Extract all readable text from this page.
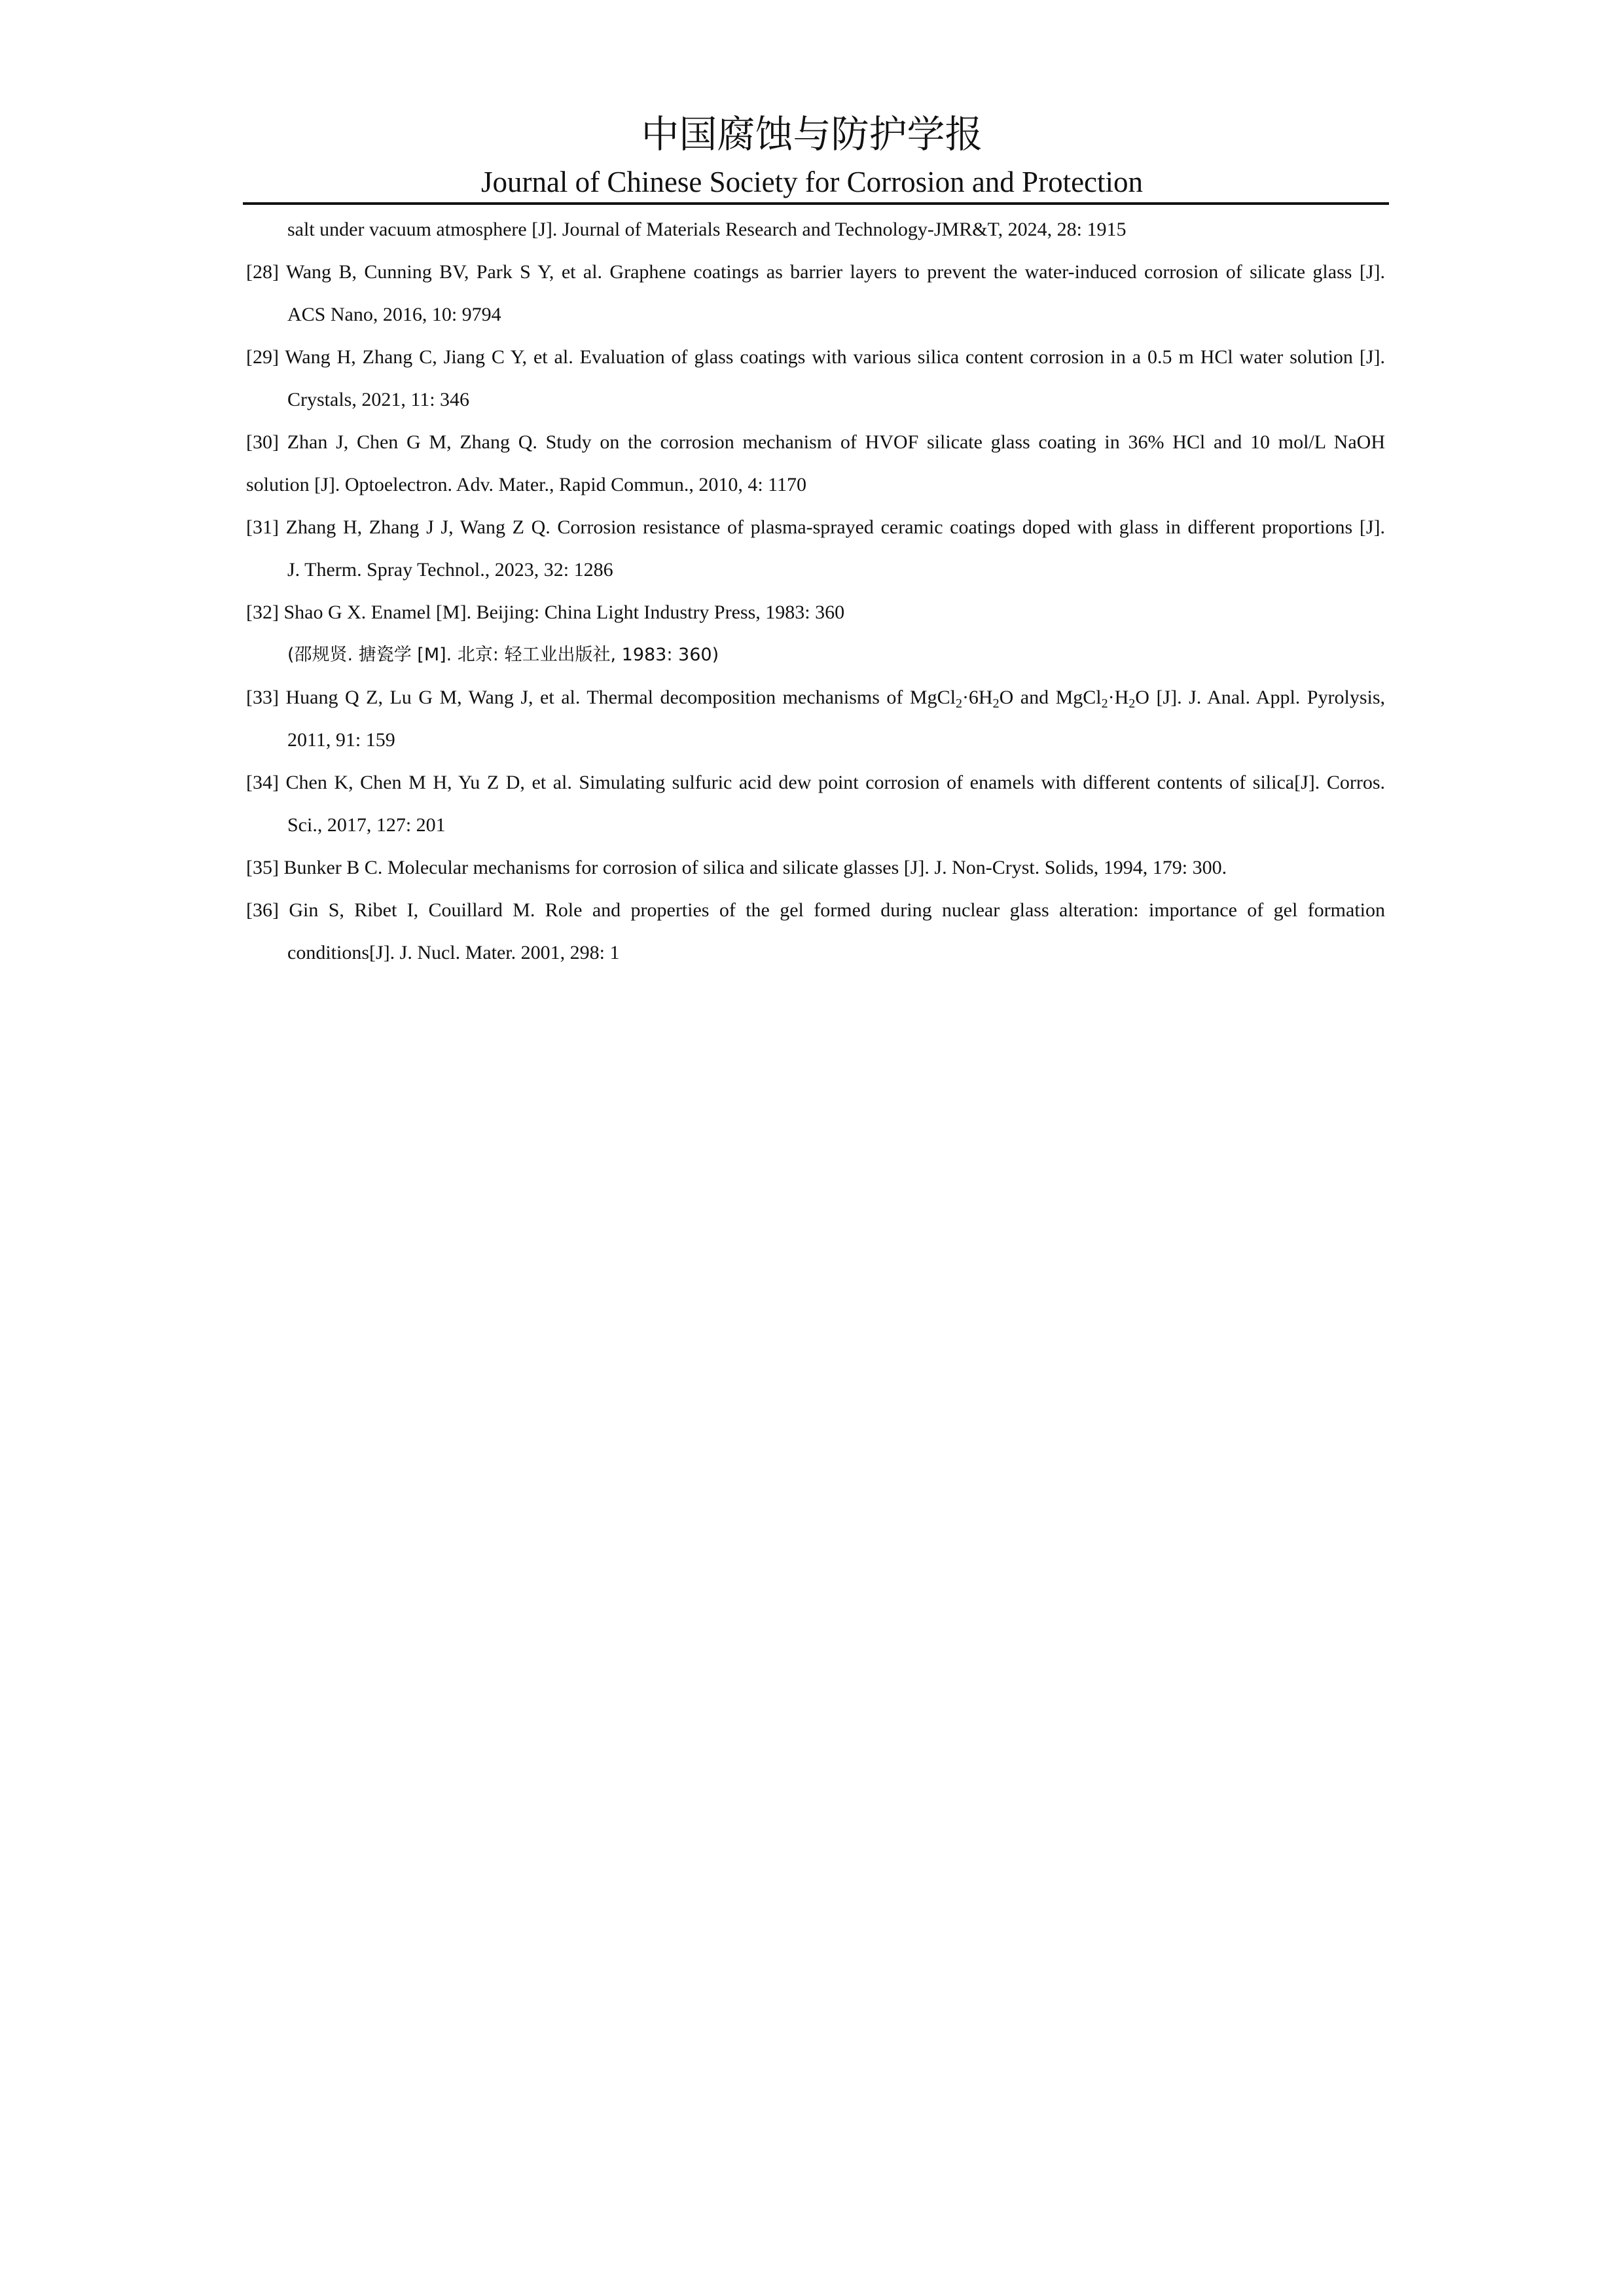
中国腐蚀与防护学报
Journal of Chinese Society for Corrosion and Protection
salt under vacuum atmosphere [J]. Journal of Materials Research and Technology-JMR&T, 2024, 28: 1915
[28] Wang B, Cunning BV, Park S Y, et al. Graphene coatings as barrier layers to prevent the water-induced corrosion of silicate glass [J].
ACS Nano, 2016, 10: 9794
[29] Wang H, Zhang C, Jiang C Y, et al. Evaluation of glass coatings with various silica content corrosion in a 0.5 m HCl water solution [J].
Crystals, 2021, 11: 346
[30] Zhan J, Chen G M, Zhang Q. Study on the corrosion mechanism of HVOF silicate glass coating in 36% HCl and 10 mol/L NaOH
solution [J]. Optoelectron. Adv. Mater., Rapid Commun., 2010, 4: 1170
[31] Zhang H, Zhang J J, Wang Z Q. Corrosion resistance of plasma-sprayed ceramic coatings doped with glass in different proportions [J].
J. Therm. Spray Technol., 2023, 32: 1286
[32] Shao G X. Enamel [M]. Beijing: China Light Industry Press, 1983: 360
(邵规贤. 搪瓷学 [M]. 北京: 轻工业出版社, 1983: 360)
[33] Huang Q Z, Lu G M, Wang J, et al. Thermal decomposition mechanisms of $MgCl_2\cdot 6H_2O$ and $MgCl_2\cdot H_2O$ [J]. J. Anal. Appl. Pyrolysis,
2011, 91: 159
[34] Chen K, Chen M H, Yu Z D, et al. Simulating sulfuric acid dew point corrosion of enamels with different contents of silica[J]. Corros.
Sci., 2017, 127: 201
[35] Bunker B C. Molecular mechanisms for corrosion of silica and silicate glasses [J]. J. Non-Cryst. Solids, 1994, 179: 300.
[36] Gin S, Ribet I, Couillard M. Role and properties of the gel formed during nuclear glass alteration: importance of gel formation
conditions[J]. J. Nucl. Mater. 2001, 298: 1
